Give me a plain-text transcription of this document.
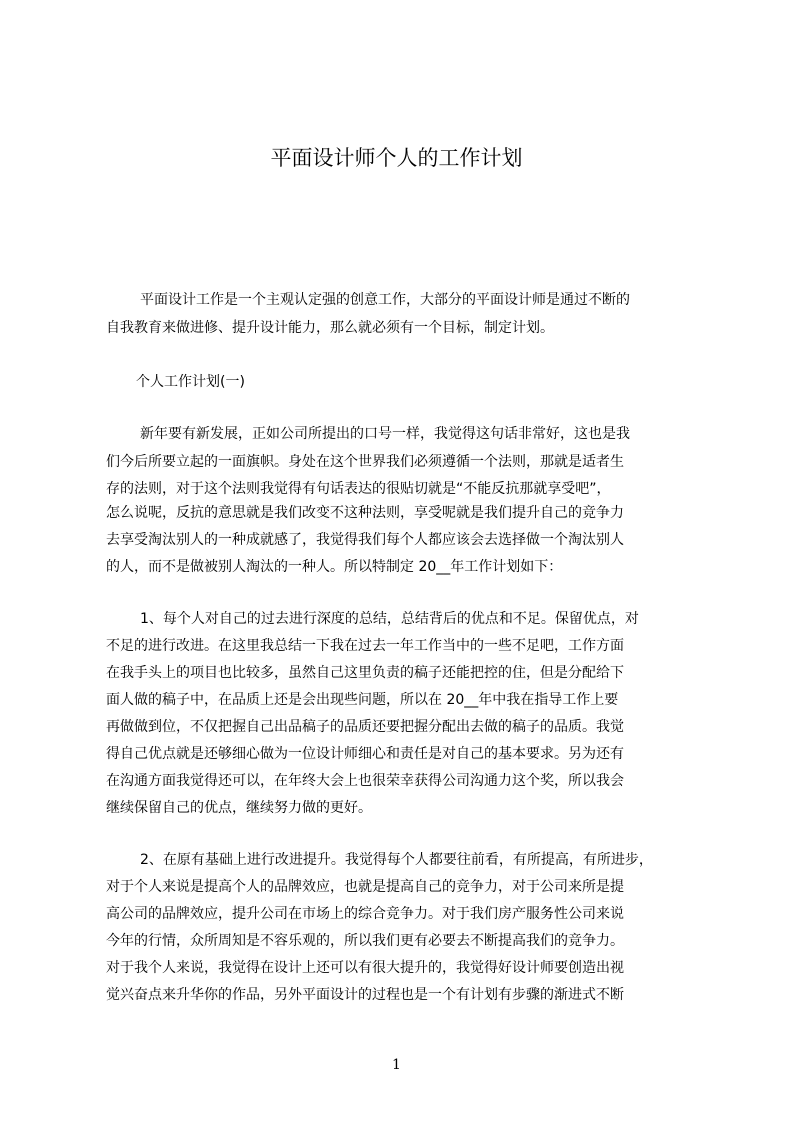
平面设计师个人的工作计划
平面设计工作是一个主观认定强的创意工作，大部分的平面设计师是通过不断的
自我教育来做进修、提升设计能力，那么就必须有一个目标，制定计划。
个人工作计划(一)
新年要有新发展，正如公司所提出的口号一样，我觉得这句话非常好，这也是我
们今后所要立起的一面旗帜。身处在这个世界我们必须遵循一个法则，那就是适者生
存的法则，对于这个法则我觉得有句话表达的很贴切就是“不能反抗那就享受吧”，
怎么说呢，反抗的意思就是我们改变不这种法则，享受呢就是我们提升自己的竞争力
去享受淘汰别人的一种成就感了，我觉得我们每个人都应该会去选择做一个淘汰别人
的人，而不是做被别人淘汰的一种人。所以特制定 20__年工作计划如下：
1、每个人对自己的过去进行深度的总结，总结背后的优点和不足。保留优点，对
不足的进行改进。在这里我总结一下我在过去一年工作当中的一些不足吧，工作方面
在我手头上的项目也比较多，虽然自己这里负责的稿子还能把控的住，但是分配给下
面人做的稿子中，在品质上还是会出现些问题，所以在 20__年中我在指导工作上要
再做做到位，不仅把握自己出品稿子的品质还要把握分配出去做的稿子的品质。我觉
得自己优点就是还够细心做为一位设计师细心和责任是对自己的基本要求。另为还有
在沟通方面我觉得还可以，在年终大会上也很荣幸获得公司沟通力这个奖，所以我会
继续保留自己的优点，继续努力做的更好。
2、在原有基础上进行改进提升。我觉得每个人都要往前看，有所提高，有所进步，
对于个人来说是提高个人的品牌效应，也就是提高自己的竞争力，对于公司来所是提
高公司的品牌效应，提升公司在市场上的综合竞争力。对于我们房产服务性公司来说
今年的行情，众所周知是不容乐观的，所以我们更有必要去不断提高我们的竞争力。
对于我个人来说，我觉得在设计上还可以有很大提升的，我觉得好设计师要创造出视
觉兴奋点来升华你的作品，另外平面设计的过程也是一个有计划有步骤的渐进式不断
1
